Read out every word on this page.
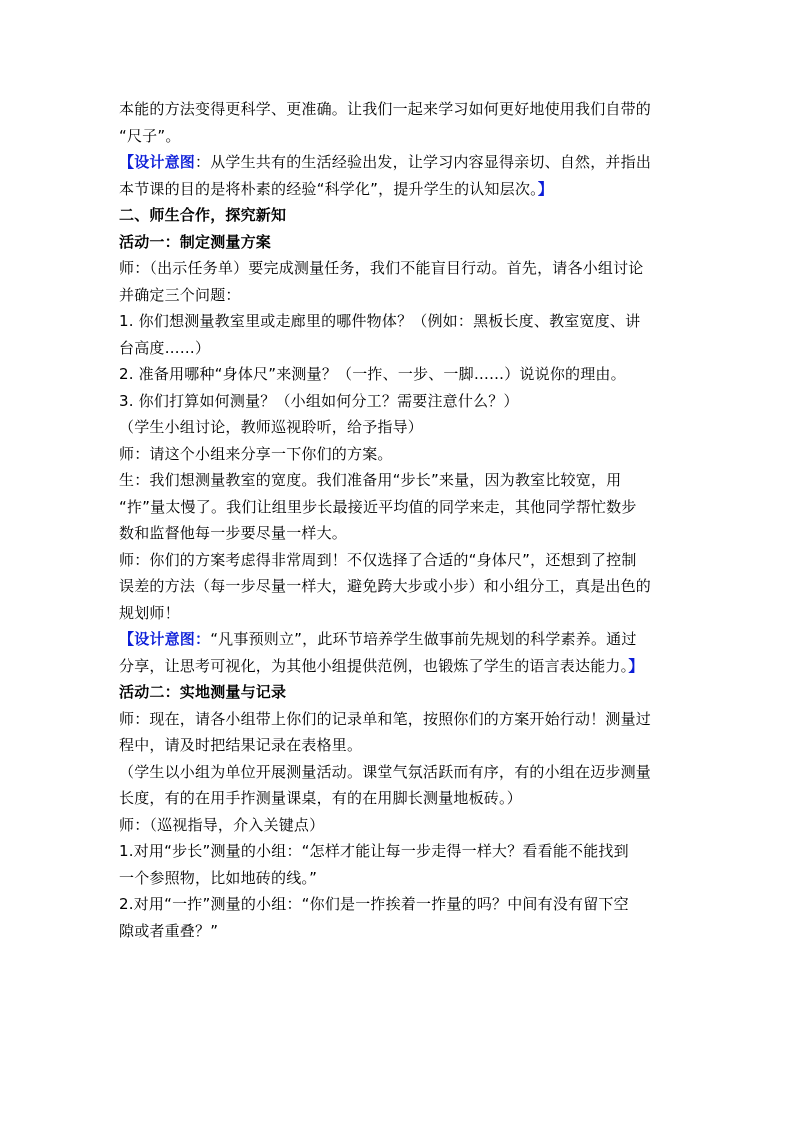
本能的方法变得更科学、更准确。让我们一起来学习如何更好地使用我们自带的

“尺子”。

【设计意图：从学生共有的生活经验出发，让学习内容显得亲切、自然，并指出

本节课的目的是将朴素的经验“科学化”，提升学生的认知层次。】

二、师生合作，探究新知

活动一：制定测量方案

师：（出示任务单）要完成测量任务，我们不能盲目行动。首先，请各小组讨论

并确定三个问题：

1. 你们想测量教室里或走廊里的哪件物体？（例如：黑板长度、教室宽度、讲

台高度……）

2. 准备用哪种“身体尺”来测量？（一拃、一步、一脚……）说说你的理由。

3. 你们打算如何测量？（小组如何分工？需要注意什么？）

（学生小组讨论，教师巡视聆听，给予指导）

师：请这个小组来分享一下你们的方案。

生：我们想测量教室的宽度。我们准备用“步长”来量，因为教室比较宽，用

“拃”量太慢了。我们让组里步长最接近平均值的同学来走，其他同学帮忙数步

数和监督他每一步要尽量一样大。

师：你们的方案考虑得非常周到！不仅选择了合适的“身体尺”，还想到了控制

误差的方法（每一步尽量一样大，避免跨大步或小步）和小组分工，真是出色的

规划师！

【设计意图：“凡事预则立”，此环节培养学生做事前先规划的科学素养。通过

分享，让思考可视化，为其他小组提供范例，也锻炼了学生的语言表达能力。】

活动二：实地测量与记录

师：现在，请各小组带上你们的记录单和笔，按照你们的方案开始行动！测量过

程中，请及时把结果记录在表格里。

（学生以小组为单位开展测量活动。课堂气氛活跃而有序，有的小组在迈步测量

长度，有的在用手拃测量课桌，有的在用脚长测量地板砖。）

师：（巡视指导，介入关键点）

1.对用“步长”测量的小组：“怎样才能让每一步走得一样大？看看能不能找到

一个参照物，比如地砖的线。”

2.对用“一拃”测量的小组：“你们是一拃挨着一拃量的吗？中间有没有留下空

隙或者重叠？”
